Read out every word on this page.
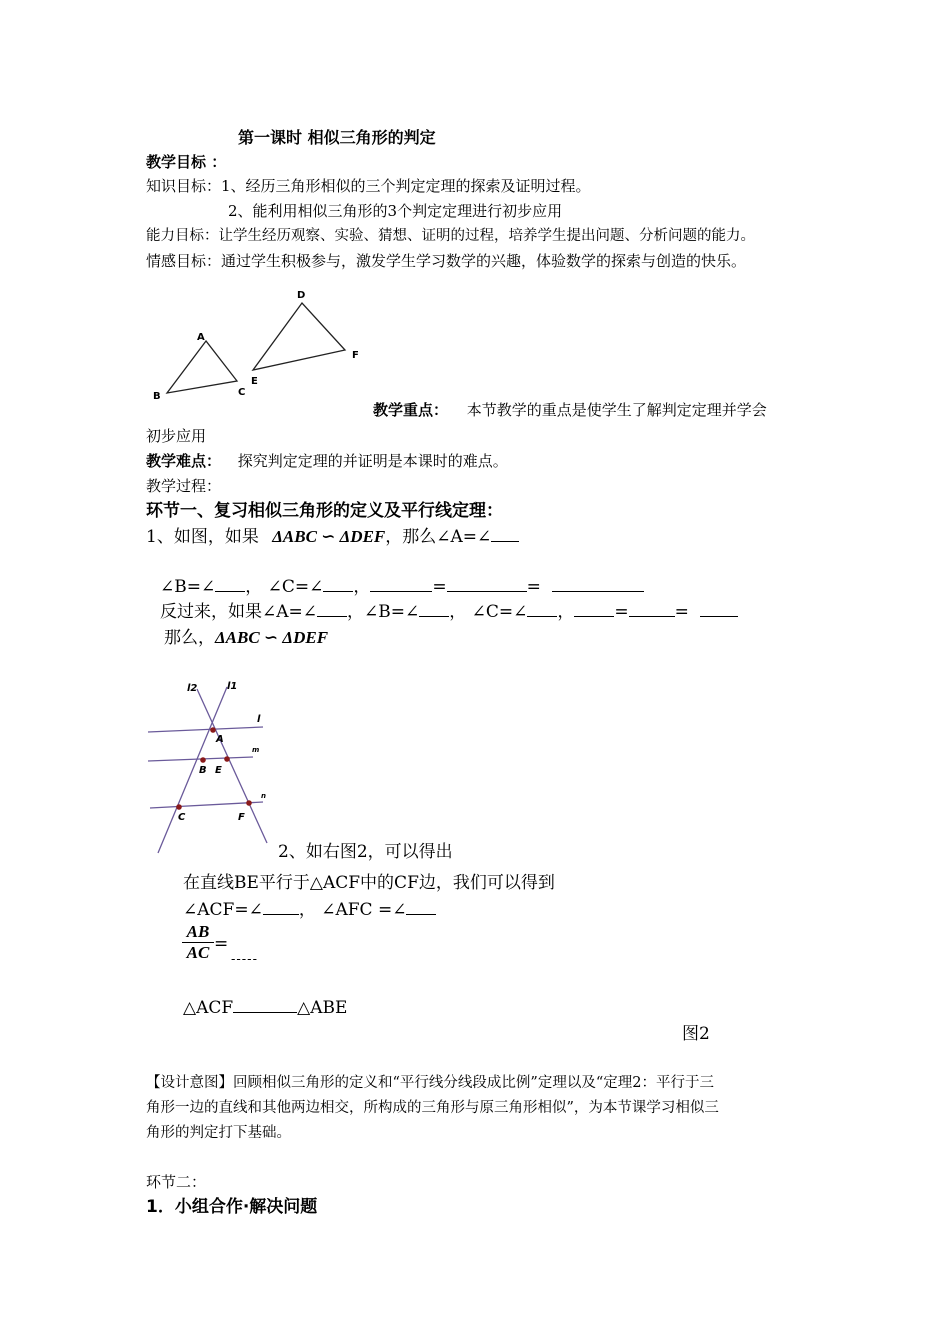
第一课时 相似三角形的判定
教学目标 ：
知识目标：1、经历三角形相似的三个判定定理的探索及证明过程。
2、能利用相似三角形的3个判定定理进行初步应用
能力目标：让学生经历观察、实验、猜想、证明的过程，培养学生提出问题、分析问题的能力。
情感目标：通过学生积极参与，激发学生学习数学的兴趣，体验数学的探索与创造的快乐。
A
B	C
D
E
F
教学重点： 本节教学的重点是使学生了解判定定理并学会
初步应用
教学难点： 探究判定定理的并证明是本课时的难点。
教学过程：
环节一、复习相似三角形的定义及平行线定理：
1、如图，如果 ΔABC ∽ ΔDEF，那么∠A=∠
∠B=∠ ， ∠C=∠ ，	=	=
反过来，如果∠A=∠ ，∠B=∠ ， ∠C=∠ ， =	=
那么，ΔABC ∽ ΔDEF
l2	l1
l
m
n
A
B E
C	F
2、如右图2，可以得出
在直线BE平行于△ACF中的CF边，我们可以得到
∠ACF=∠ ， ∠AFC =∠
$\frac{AB}{AC}$
=
-----
△ACF	△ABE
图2
【设计意图】回顾相似三角形的定义和“平行线分线段成比例”定理以及“定理2：平行于三
角形一边的直线和其他两边相交，所构成的三角形与原三角形相似”，为本节课学习相似三
角形的判定打下基础。
环节二：
1．小组合作·解决问题
